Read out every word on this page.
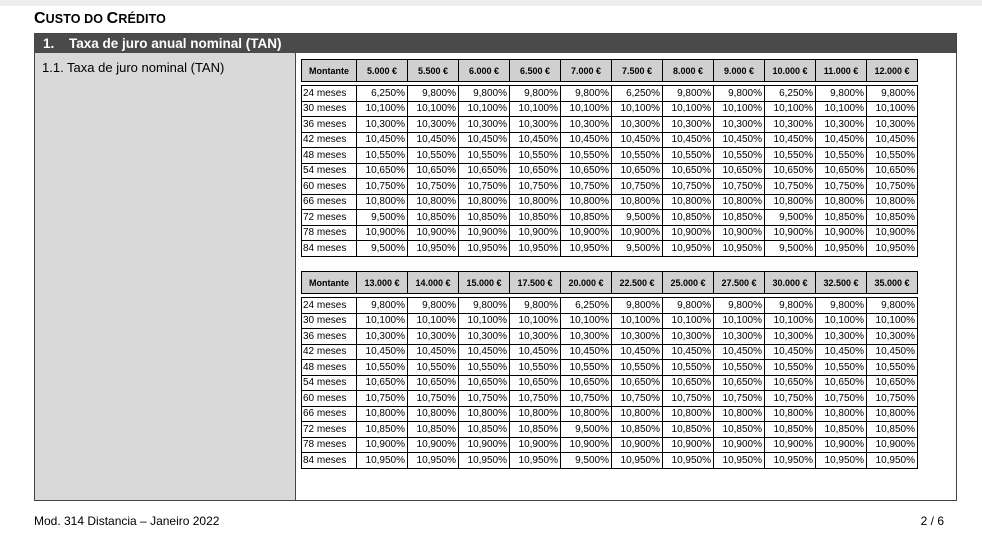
CUSTO DO CRÉDITO
1. Taxa de juro anual nominal (TAN)
1.1. Taxa de juro nominal (TAN)	Montante	5.000 €	5.500 €	6.000 €	6.500 €	7.000 €	7.500 €	8.000 €	9.000 €	10.000 €	11.000 €	12.000 €

24 meses	6,250%	9,800%	9,800%	9,800%	9,800%	6,250%	9,800%	9,800%	6,250%	9,800%	9,800%
30 meses	10,100%	10,100%	10,100%	10,100%	10,100%	10,100%	10,100%	10,100%	10,100%	10,100%	10,100%
36 meses	10,300%	10,300%	10,300%	10,300%	10,300%	10,300%	10,300%	10,300%	10,300%	10,300%	10,300%
42 meses	10,450%	10,450%	10,450%	10,450%	10,450%	10,450%	10,450%	10,450%	10,450%	10,450%	10,450%
48 meses	10,550%	10,550%	10,550%	10,550%	10,550%	10,550%	10,550%	10,550%	10,550%	10,550%	10,550%
54 meses	10,650%	10,650%	10,650%	10,650%	10,650%	10,650%	10,650%	10,650%	10,650%	10,650%	10,650%
60 meses	10,750%	10,750%	10,750%	10,750%	10,750%	10,750%	10,750%	10,750%	10,750%	10,750%	10,750%
66 meses	10,800%	10,800%	10,800%	10,800%	10,800%	10,800%	10,800%	10,800%	10,800%	10,800%	10,800%
72 meses	9,500%	10,850%	10,850%	10,850%	10,850%	9,500%	10,850%	10,850%	9,500%	10,850%	10,850%
78 meses	10,900%	10,900%	10,900%	10,900%	10,900%	10,900%	10,900%	10,900%	10,900%	10,900%	10,900%
84 meses	9,500%	10,950%	10,950%	10,950%	10,950%	9,500%	10,950%	10,950%	9,500%	10,950%	10,950%
Montante	13.000 €	14.000 €	15.000 €	17.500 €	20.000 €	22.500 €	25.000 €	27.500 €	30.000 €	32.500 €	35.000 €

24 meses	9,800%	9,800%	9,800%	9,800%	6,250%	9,800%	9,800%	9,800%	9,800%	9,800%	9,800%
30 meses	10,100%	10,100%	10,100%	10,100%	10,100%	10,100%	10,100%	10,100%	10,100%	10,100%	10,100%
36 meses	10,300%	10,300%	10,300%	10,300%	10,300%	10,300%	10,300%	10,300%	10,300%	10,300%	10,300%
42 meses	10,450%	10,450%	10,450%	10,450%	10,450%	10,450%	10,450%	10,450%	10,450%	10,450%	10,450%
48 meses	10,550%	10,550%	10,550%	10,550%	10,550%	10,550%	10,550%	10,550%	10,550%	10,550%	10,550%
54 meses	10,650%	10,650%	10,650%	10,650%	10,650%	10,650%	10,650%	10,650%	10,650%	10,650%	10,650%
60 meses	10,750%	10,750%	10,750%	10,750%	10,750%	10,750%	10,750%	10,750%	10,750%	10,750%	10,750%
66 meses	10,800%	10,800%	10,800%	10,800%	10,800%	10,800%	10,800%	10,800%	10,800%	10,800%	10,800%
72 meses	10,850%	10,850%	10,850%	10,850%	9,500%	10,850%	10,850%	10,850%	10,850%	10,850%	10,850%
78 meses	10,900%	10,900%	10,900%	10,900%	10,900%	10,900%	10,900%	10,900%	10,900%	10,900%	10,900%
84 meses	10,950%	10,950%	10,950%	10,950%	9,500%	10,950%	10,950%	10,950%	10,950%	10,950%	10,950%
Mod. 314 Distancia – Janeiro 2022	2 / 6
